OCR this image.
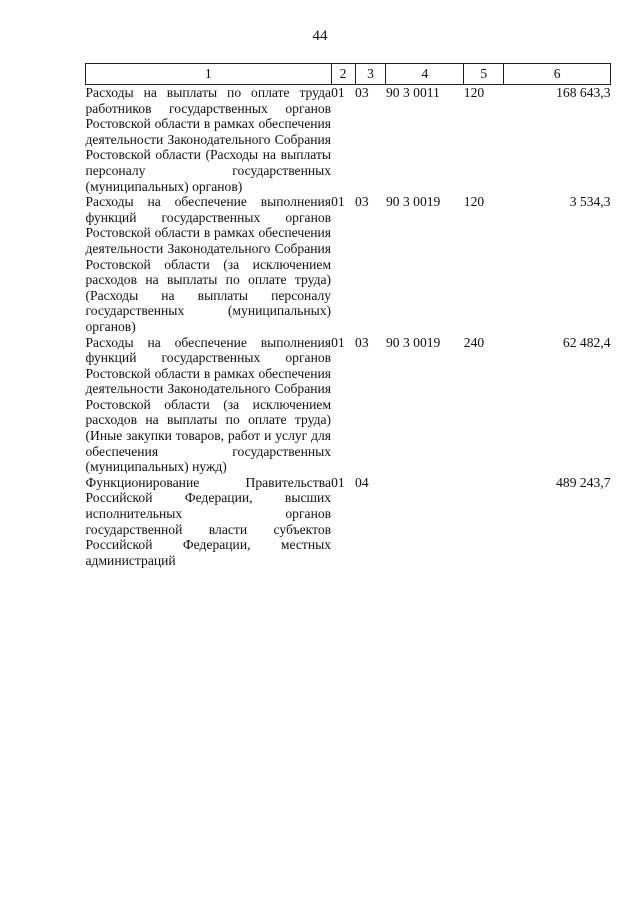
44
1	2	3	4	5	6
Расходы на выплаты по оплате труда работников государственных органов Ростовской области в рамках обеспечения деятельности Законодательного Собрания Ростовской области (Расходы на выплаты персоналу государственных (муниципальных) органов)	01	03	90 3 0011	120	168 643,3
Расходы на обеспечение выполнения функций государственных органов Ростовской области в рамках обеспечения деятельности Законодательного Собрания Ростовской области (за исключением расходов на выплаты по оплате труда) (Расходы на выплаты персоналу государственных (муниципальных) органов)	01	03	90 3 0019	120	3 534,3
Расходы на обеспечение выполнения функций государственных органов Ростовской области в рамках обеспечения деятельности Законодательного Собрания Ростовской области (за исключением расходов на выплаты по оплате труда) (Иные закупки товаров, работ и услуг для обеспечения государственных (муниципальных) нужд)	01	03	90 3 0019	240	62 482,4
Функционирование Правительства Российской Федерации, высших исполнительных органов государственной власти субъектов Российской Федерации, местных администраций	01	04			489 243,7
